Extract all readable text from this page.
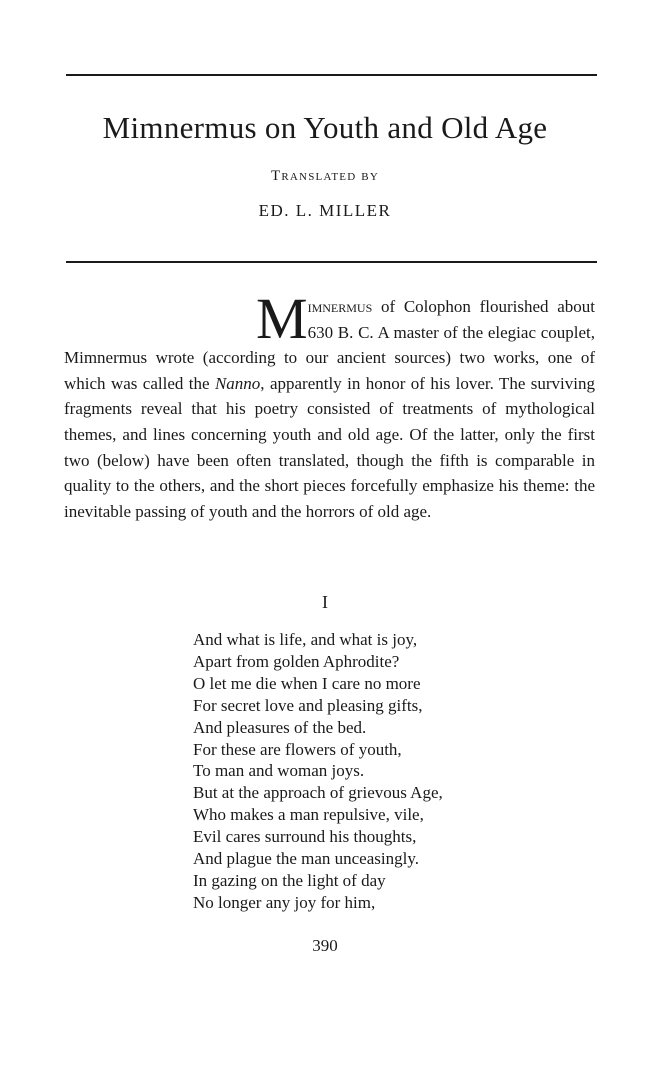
Mimnermus on Youth and Old Age
Translated by
ED. L. MILLER
Mimnermus of Colophon flourished about 630 B. C. A master of the elegiac couplet, Mimnermus wrote (according to our ancient sources) two works, one of which was called the Nanno, apparently in honor of his lover. The surviving fragments reveal that his poetry consisted of treatments of mythological themes, and lines concerning youth and old age. Of the latter, only the first two (below) have been often translated, though the fifth is comparable in quality to the others, and the short pieces forcefully emphasize his theme: the inevitable passing of youth and the horrors of old age.
I
And what is life, and what is joy,
Apart from golden Aphrodite?
O let me die when I care no more
For secret love and pleasing gifts,
And pleasures of the bed.
For these are flowers of youth,
To man and woman joys.
But at the approach of grievous Age,
Who makes a man repulsive, vile,
Evil cares surround his thoughts,
And plague the man unceasingly.
In gazing on the light of day
No longer any joy for him,
390
